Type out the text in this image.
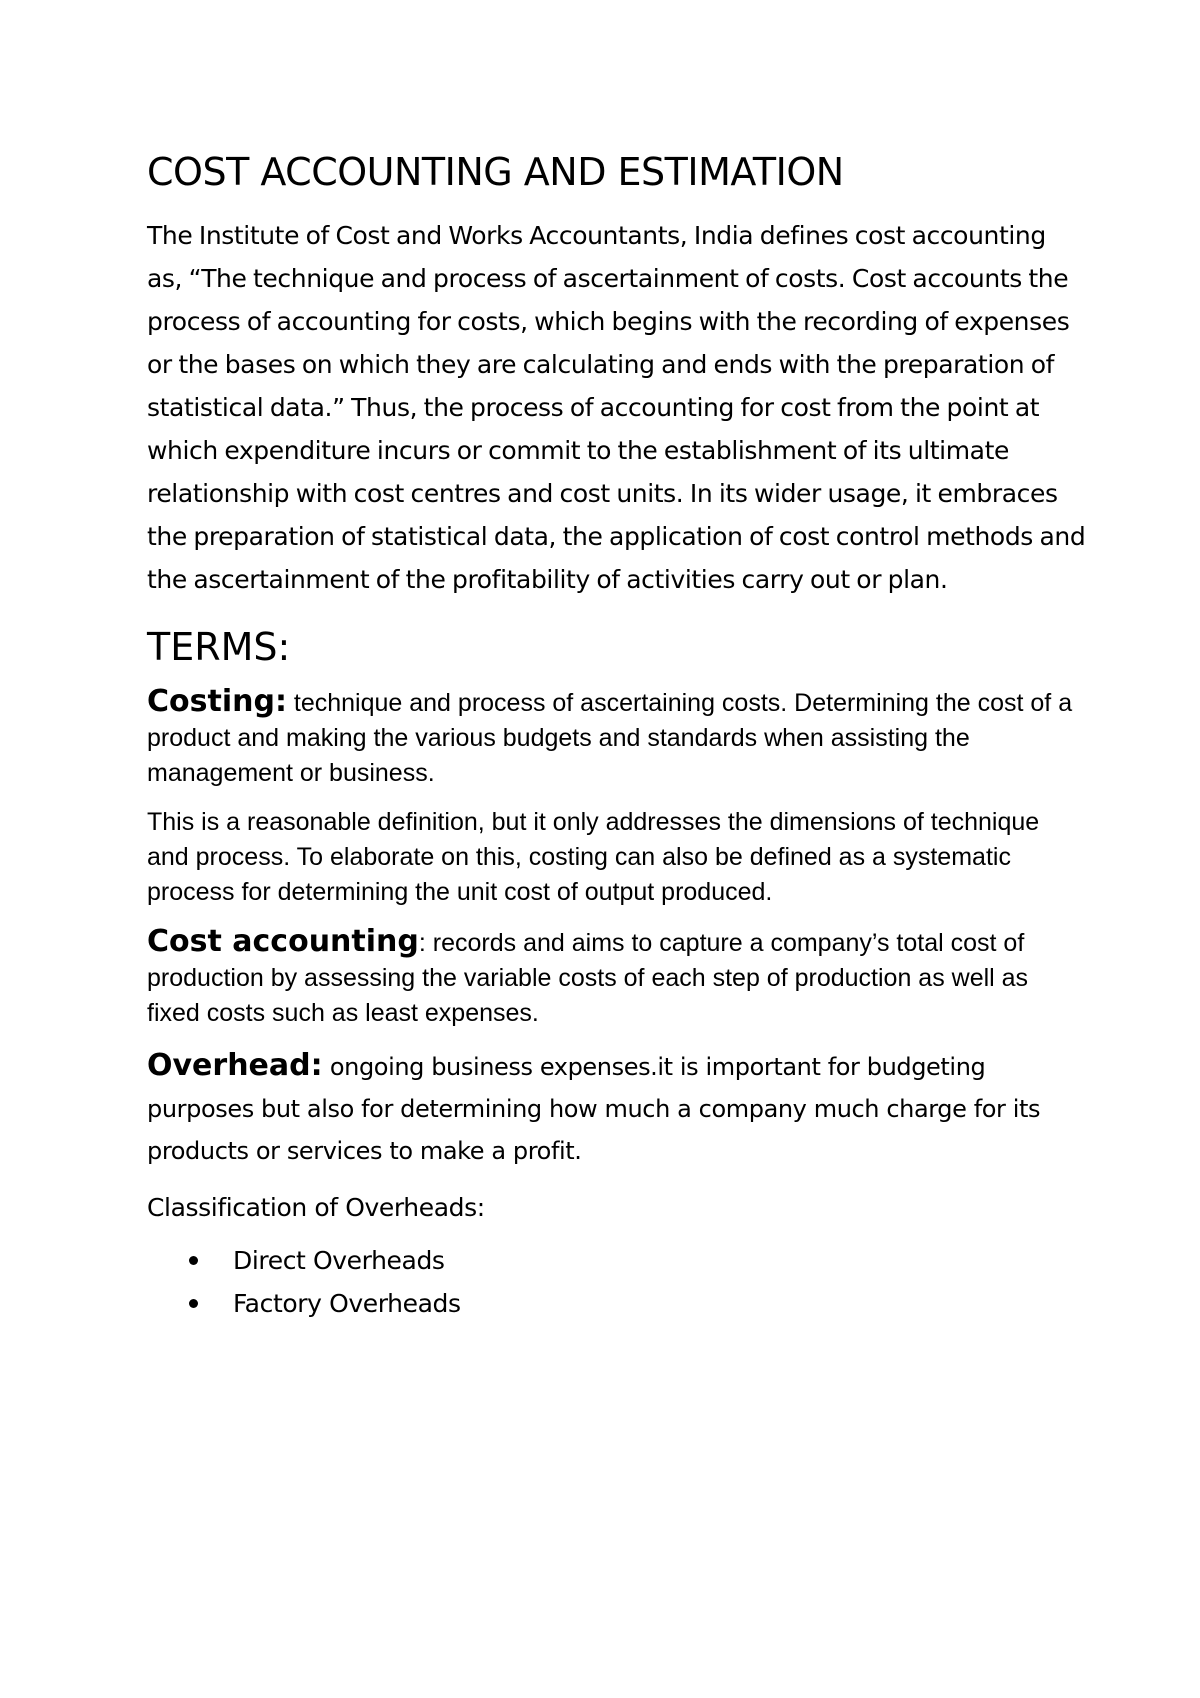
COST ACCOUNTING AND ESTIMATION

The Institute of Cost and Works Accountants, India defines cost accounting as, “The technique and process of ascertainment of costs. Cost accounts the process of accounting for costs, which begins with the recording of expenses or the bases on which they are calculating and ends with the preparation of statistical data.” Thus, the process of accounting for cost from the point at which expenditure incurs or commit to the establishment of its ultimate relationship with cost centres and cost units. In its wider usage, it embraces the preparation of statistical data, the application of cost control methods and the ascertainment of the profitability of activities carry out or plan.

TERMS:

Costing: technique and process of ascertaining costs. Determining the cost of a product and making the various budgets and standards when assisting the management or business.

This is a reasonable definition, but it only addresses the dimensions of technique and process. To elaborate on this, costing can also be defined as a systematic process for determining the unit cost of output produced.

Cost accounting: records and aims to capture a company’s total cost of production by assessing the variable costs of each step of production as well as fixed costs such as least expenses.

Overhead: ongoing business expenses.it is important for budgeting purposes but also for determining how much a company much charge for its products or services to make a profit.

Classification of Overheads:

Direct Overheads
Factory Overheads
